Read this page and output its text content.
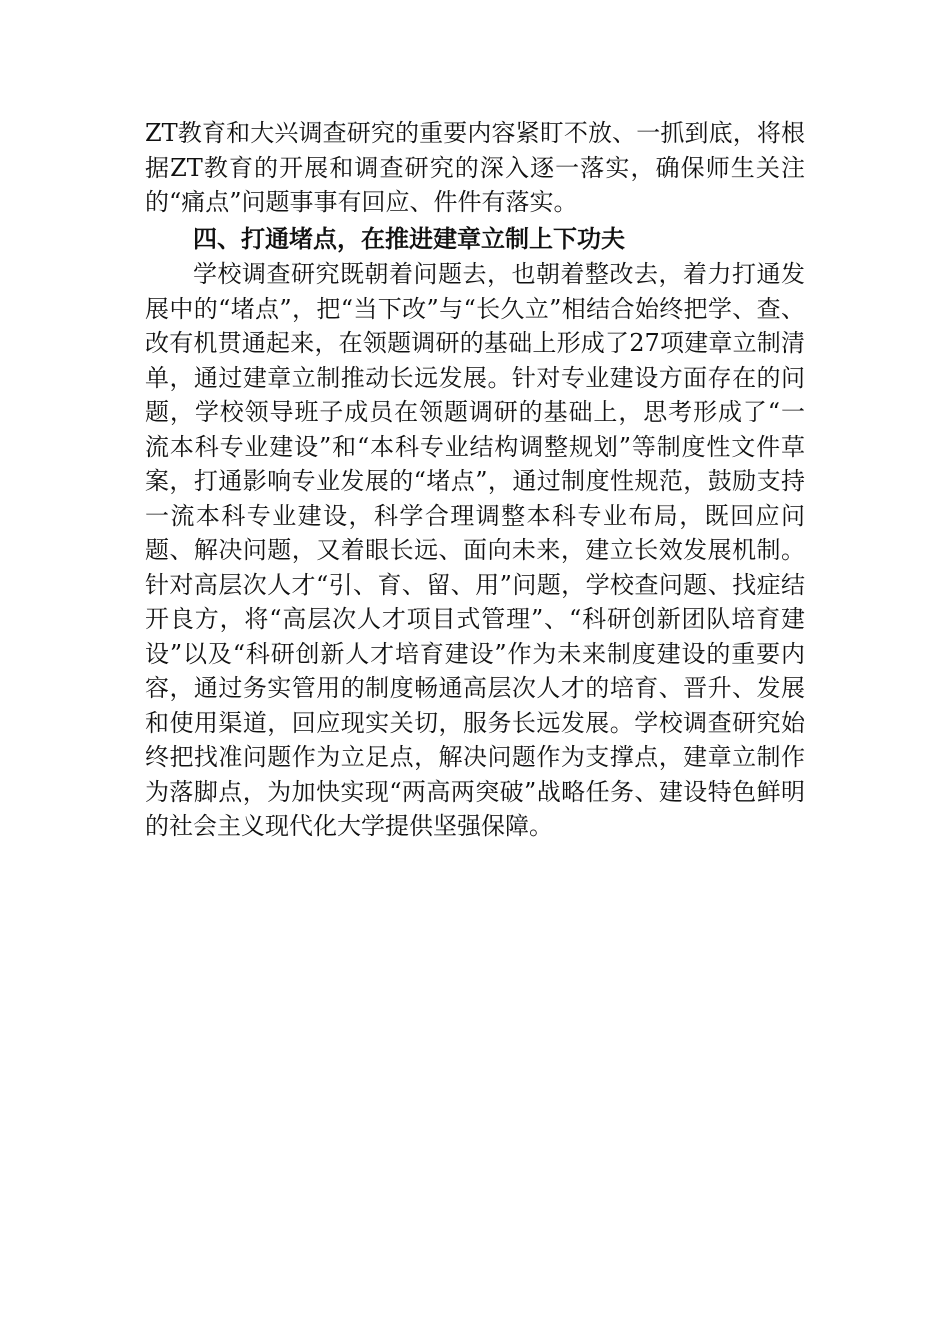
ZT教育和大兴调查研究的重要内容紧盯不放、一抓到底，将根据ZT教育的开展和调查研究的深入逐一落实，确保师生关注的“痛点”问题事事有回应、件件有落实。

四、打通堵点，在推进建章立制上下功夫

学校调查研究既朝着问题去，也朝着整改去，着力打通发展中的“堵点”，把“当下改”与“长久立”相结合始终把学、查、改有机贯通起来，在领题调研的基础上形成了27项建章立制清单，通过建章立制推动长远发展。针对专业建设方面存在的问题，学校领导班子成员在领题调研的基础上，思考形成了“一流本科专业建设”和“本科专业结构调整规划”等制度性文件草案，打通影响专业发展的“堵点”，通过制度性规范，鼓励支持一流本科专业建设，科学合理调整本科专业布局，既回应问题、解决问题，又着眼长远、面向未来，建立长效发展机制。针对高层次人才“引、育、留、用”问题，学校查问题、找症结开良方，将“高层次人才项目式管理”、“科研创新团队培育建设”以及“科研创新人才培育建设”作为未来制度建设的重要内容，通过务实管用的制度畅通高层次人才的培育、晋升、发展和使用渠道，回应现实关切，服务长远发展。学校调查研究始终把找准问题作为立足点，解决问题作为支撑点，建章立制作为落脚点，为加快实现“两高两突破”战略任务、建设特色鲜明的社会主义现代化大学提供坚强保障。
